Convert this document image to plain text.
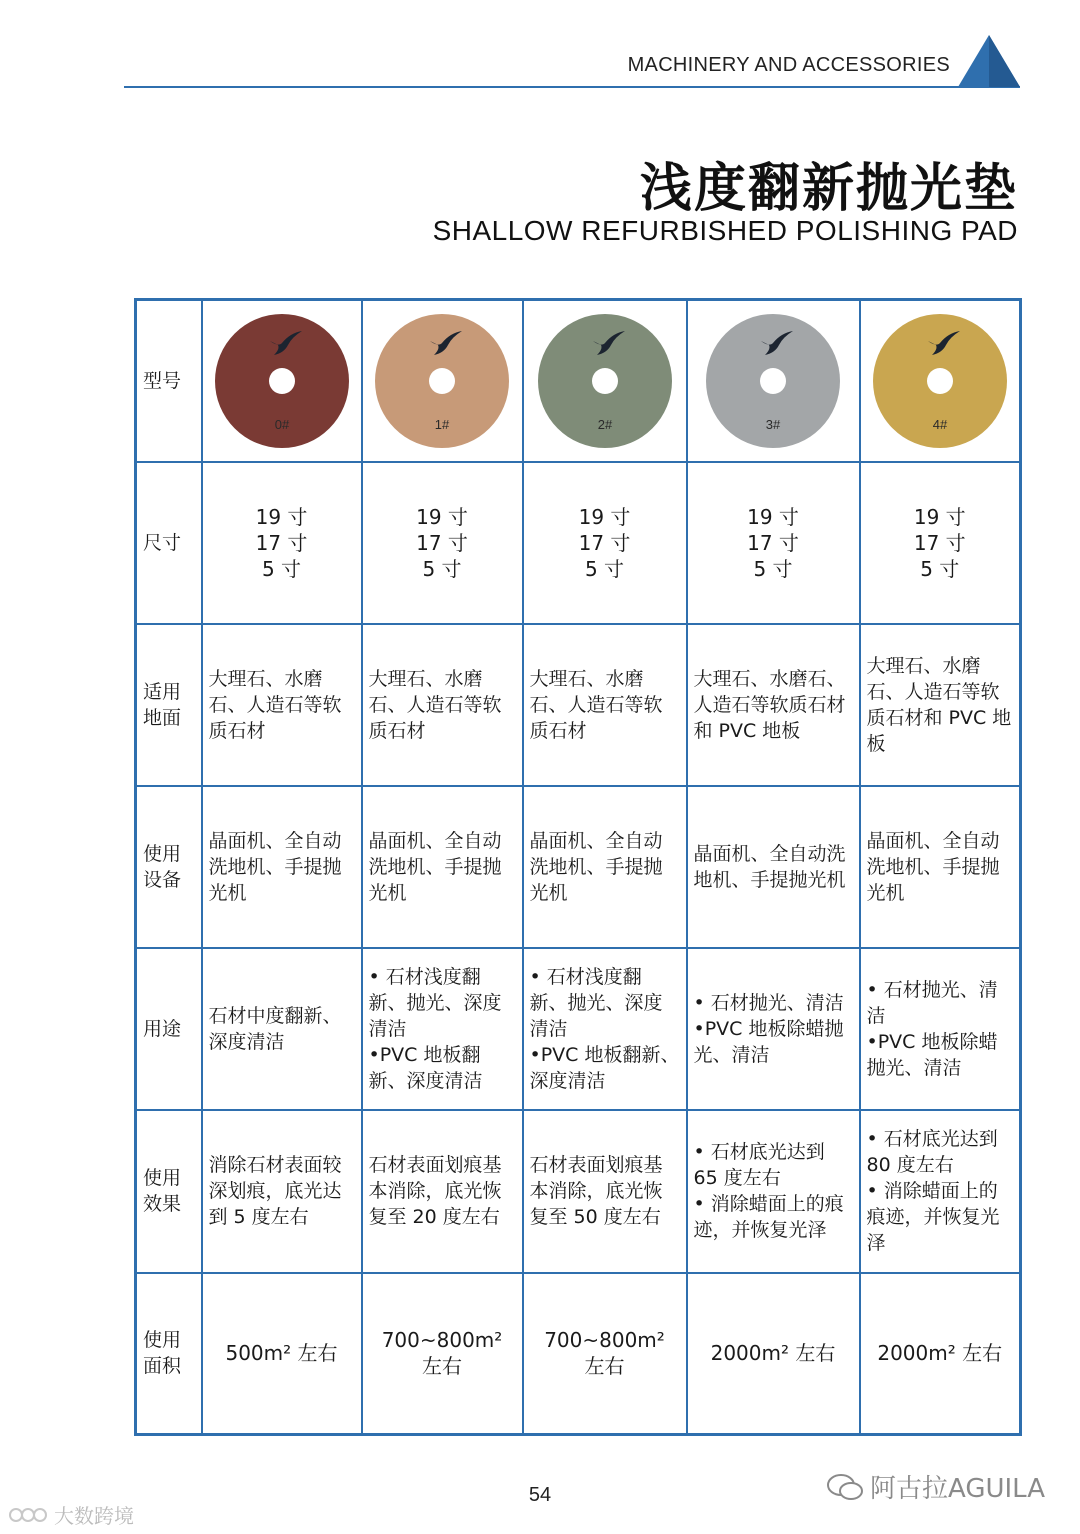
MACHINERY AND ACCESSORIES
浅度翻新抛光垫
SHALLOW REFURBISHED POLISHING PAD
型号	0#	1#	2#	3#	4#

尺寸	19 寸
17 寸
5 寸	19 寸
17 寸
5 寸	19 寸
17 寸
5 寸	19 寸
17 寸
5 寸	19 寸
17 寸
5 寸
适用
地面	大理石、水磨石、人造石等软质石材	大理石、水磨石、人造石等软质石材	大理石、水磨石、人造石等软质石材	大理石、水磨石、人造石等软质石材和 PVC 地板	大理石、水磨石、人造石等软质石材和 PVC 地板
使用
设备	晶面机、全自动洗地机、手提抛光机	晶面机、全自动洗地机、手提抛光机	晶面机、全自动洗地机、手提抛光机	晶面机、全自动洗地机、手提抛光机	晶面机、全自动洗地机、手提抛光机
用途	石材中度翻新、深度清洁	• 石材浅度翻新、抛光、深度清洁
•PVC 地板翻新、深度清洁	• 石材浅度翻新、抛光、深度清洁
•PVC 地板翻新、深度清洁	• 石材抛光、清洁
•PVC 地板除蜡抛光、清洁	• 石材抛光、清洁
•PVC 地板除蜡抛光、清洁
使用
效果	消除石材表面较深划痕，底光达到 5 度左右	石材表面划痕基本消除，底光恢复至 20 度左右	石材表面划痕基本消除，底光恢复至 50 度左右	• 石材底光达到 65 度左右
• 消除蜡面上的痕迹，并恢复光泽	• 石材底光达到 80 度左右
• 消除蜡面上的痕迹，并恢复光泽
使用
面积	500m² 左右	700~800m²
左右	700~800m²
左右	2000m² 左右	2000m² 左右
54
大数跨境
阿古拉AGUILA
